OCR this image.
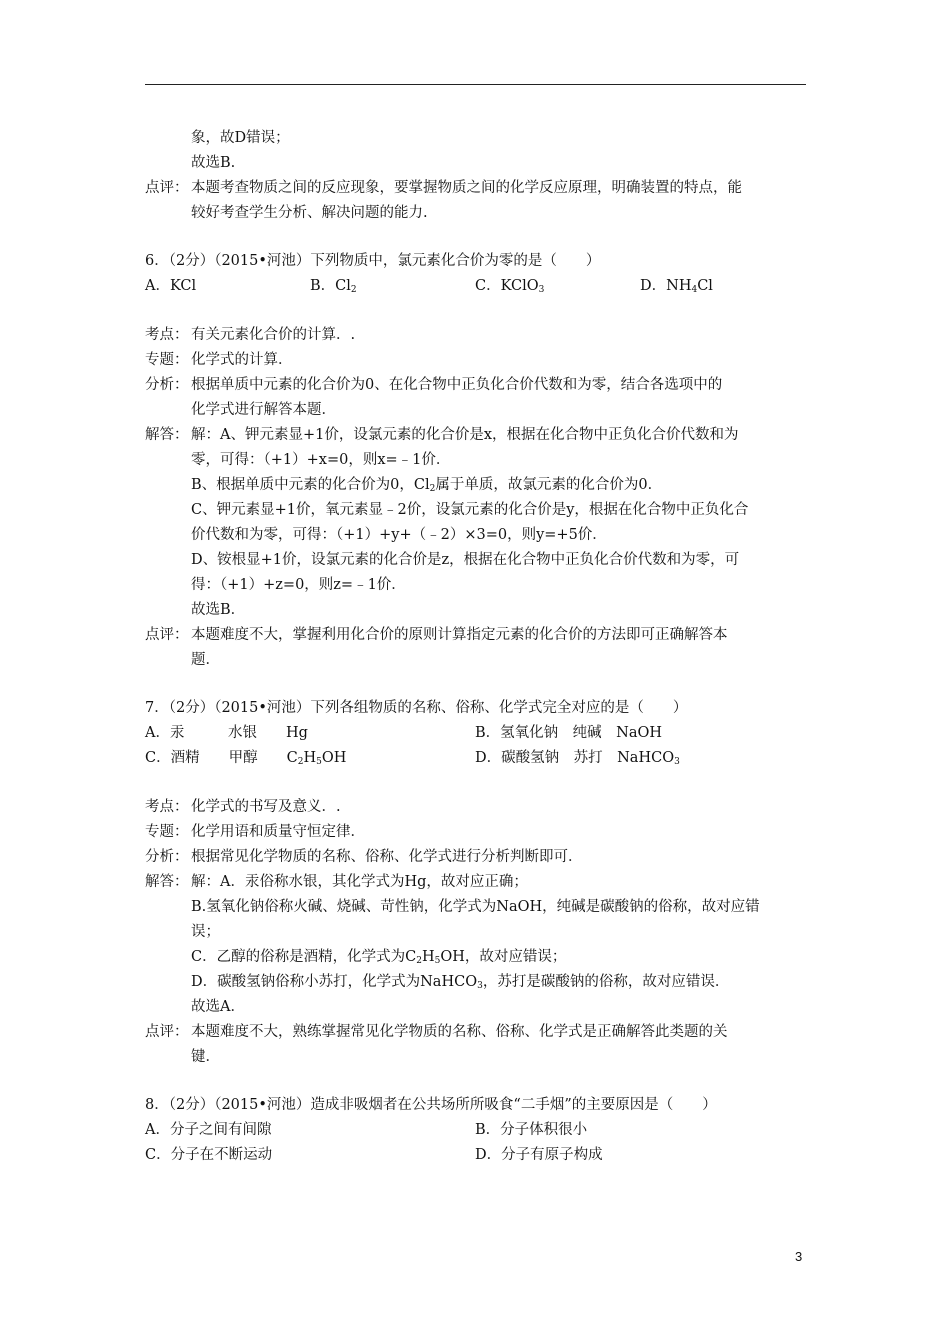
象，故D错误；
故选B.
点评： 本题考查物质之间的反应现象，要掌握物质之间的化学反应原理，明确装置的特点，能
较好考查学生分析、解决问题的能力.
6．（2分）（2015•河池）下列物质中，氯元素化合价为零的是（　　）
A．KCl	B．$Cl_2$	C．KClO$_3$	D．$NH_4Cl$
考点： 有关元素化合价的计算．.
专题： 化学式的计算．
分析： 根据单质中元素的化合价为0、在化合物中正负化合价代数和为零，结合各选项中的
化学式进行解答本题．
解答： 解：A、钾元素显+1价，设氯元素的化合价是x，根据在化合物中正负化合价代数和为
零，可得：（+1）+x=0，则x=﹣1价．
B、根据单质中元素的化合价为0，$Cl_2$属于单质，故氯元素的化合价为0．
C、钾元素显+1价，氧元素显﹣2价，设氯元素的化合价是y，根据在化合物中正负化合
价代数和为零，可得：（+1）+y+（﹣2）×3=0，则y=+5价．
D、铵根显+1价，设氯元素的化合价是z，根据在化合物中正负化合价代数和为零，可
得：（+1）+z=0，则z=﹣1价．
故选B．
点评： 本题难度不大，掌握利用化合价的原则计算指定元素的化合价的方法即可正确解答本
题．
7．（2分）（2015•河池）下列各组物质的名称、俗称、化学式完全对应的是（　　）
A．汞　　　水银　　Hg	B．氢氧化钠　纯碱　NaOH
C．酒精　　甲醇　　$C_2H_5OH$	D．碳酸氢钠　苏打　NaHCO$_3$
考点： 化学式的书写及意义．.
专题： 化学用语和质量守恒定律．
分析： 根据常见化学物质的名称、俗称、化学式进行分析判断即可．
解答： 解：A．汞俗称水银，其化学式为Hg，故对应正确；
B.氢氧化钠俗称火碱、烧碱、苛性钠，化学式为NaOH，纯碱是碳酸钠的俗称，故对应错
误；
C．乙醇的俗称是酒精，化学式为$C_2H_5OH$，故对应错误；
D．碳酸氢钠俗称小苏打，化学式为NaHCO$_3$，苏打是碳酸钠的俗称，故对应错误．
故选A．
点评： 本题难度不大，熟练掌握常见化学物质的名称、俗称、化学式是正确解答此类题的关
键．
8．（2分）（2015•河池）造成非吸烟者在公共场所所吸食“二手烟”的主要原因是（　　）
A．分子之间有间隙	B．分子体积很小
C．分子在不断运动	D．分子有原子构成
3
